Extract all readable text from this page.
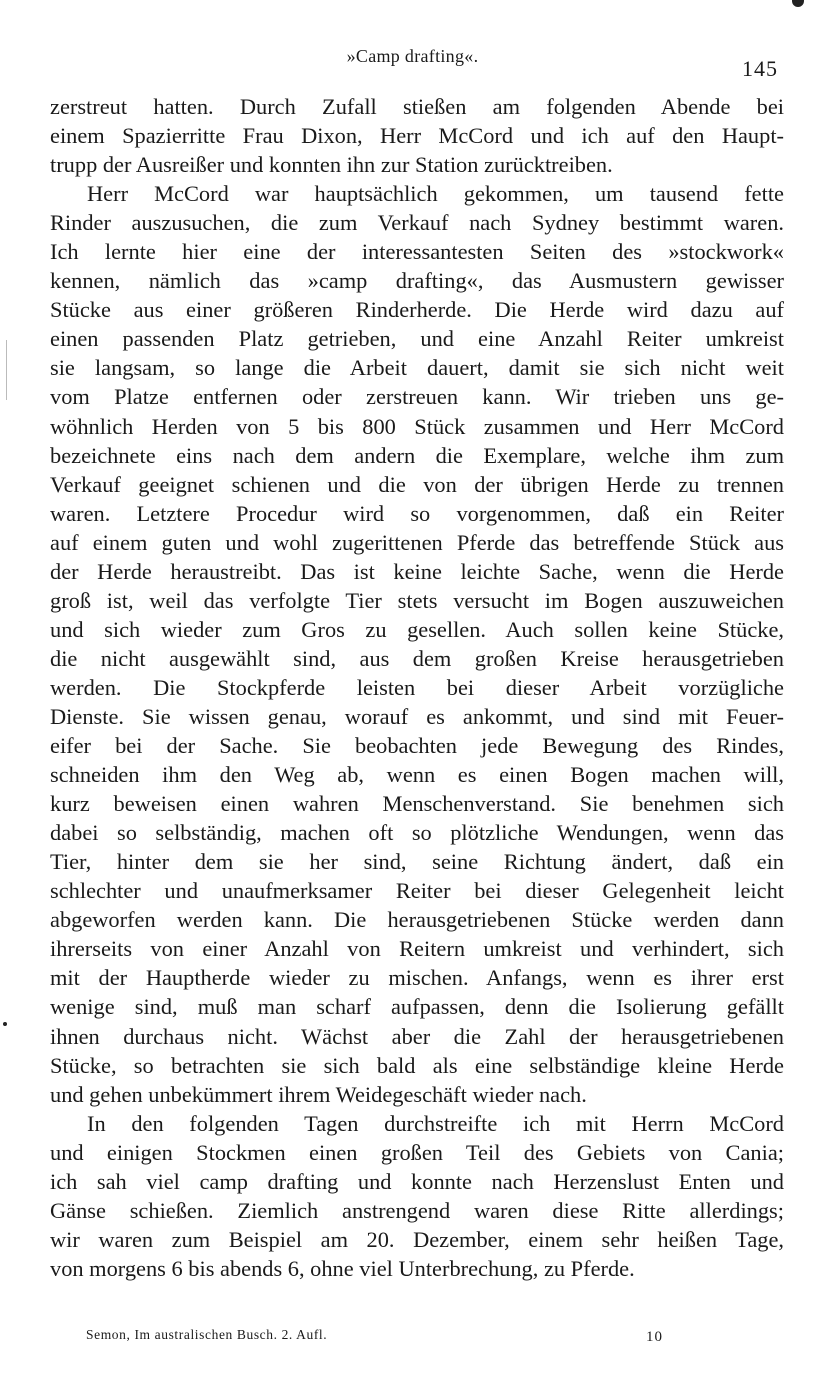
»Camp drafting«.	145
zerstreut hatten. Durch Zufall stießen am folgenden Abende bei
einem Spazierritte Frau Dixon, Herr McCord und ich auf den Haupt-
trupp der Ausreißer und konnten ihn zur Station zurücktreiben.
Herr McCord war hauptsächlich gekommen, um tausend fette
Rinder auszusuchen, die zum Verkauf nach Sydney bestimmt waren.
Ich lernte hier eine der interessantesten Seiten des »stockwork«
kennen, nämlich das »camp drafting«, das Ausmustern gewisser
Stücke aus einer größeren Rinderherde. Die Herde wird dazu auf
einen passenden Platz getrieben, und eine Anzahl Reiter umkreist
sie langsam, so lange die Arbeit dauert, damit sie sich nicht weit
vom Platze entfernen oder zerstreuen kann. Wir trieben uns ge-
wöhnlich Herden von 5 bis 800 Stück zusammen und Herr McCord
bezeichnete eins nach dem andern die Exemplare, welche ihm zum
Verkauf geeignet schienen und die von der übrigen Herde zu trennen
waren. Letztere Procedur wird so vorgenommen, daß ein Reiter
auf einem guten und wohl zugerittenen Pferde das betreffende Stück aus
der Herde heraustreibt. Das ist keine leichte Sache, wenn die Herde
groß ist, weil das verfolgte Tier stets versucht im Bogen auszuweichen
und sich wieder zum Gros zu gesellen. Auch sollen keine Stücke,
die nicht ausgewählt sind, aus dem großen Kreise herausgetrieben
werden. Die Stockpferde leisten bei dieser Arbeit vorzügliche
Dienste. Sie wissen genau, worauf es ankommt, und sind mit Feuer-
eifer bei der Sache. Sie beobachten jede Bewegung des Rindes,
schneiden ihm den Weg ab, wenn es einen Bogen machen will,
kurz beweisen einen wahren Menschenverstand. Sie benehmen sich
dabei so selbständig, machen oft so plötzliche Wendungen, wenn das
Tier, hinter dem sie her sind, seine Richtung ändert, daß ein
schlechter und unaufmerksamer Reiter bei dieser Gelegenheit leicht
abgeworfen werden kann. Die herausgetriebenen Stücke werden dann
ihrerseits von einer Anzahl von Reitern umkreist und verhindert, sich
mit der Hauptherde wieder zu mischen. Anfangs, wenn es ihrer erst
wenige sind, muß man scharf aufpassen, denn die Isolierung gefällt
ihnen durchaus nicht. Wächst aber die Zahl der herausgetriebenen
Stücke, so betrachten sie sich bald als eine selbständige kleine Herde
und gehen unbekümmert ihrem Weidegeschäft wieder nach.
In den folgenden Tagen durchstreifte ich mit Herrn McCord
und einigen Stockmen einen großen Teil des Gebiets von Cania;
ich sah viel camp drafting und konnte nach Herzenslust Enten und
Gänse schießen. Ziemlich anstrengend waren diese Ritte allerdings;
wir waren zum Beispiel am 20. Dezember, einem sehr heißen Tage,
von morgens 6 bis abends 6, ohne viel Unterbrechung, zu Pferde.
Semon, Im australischen Busch. 2. Aufl.	10
